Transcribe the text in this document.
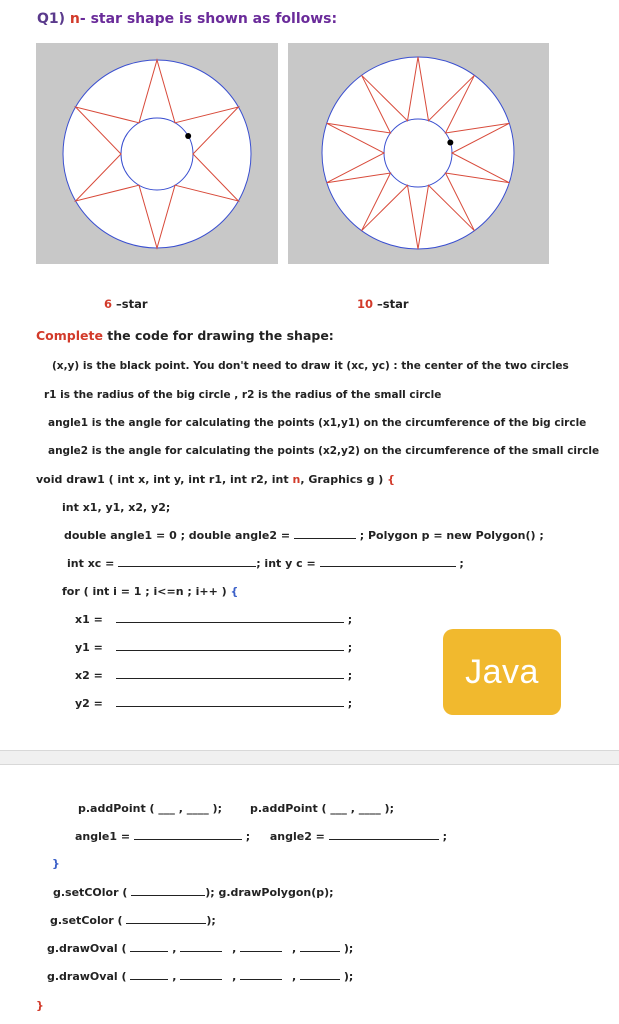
Q1) n- star shape is shown as follows:
6 –star	10 –star
Complete the code for drawing the shape:
(x,y) is the black point. You don't need to draw it (xc, yc) : the center of the two circles
r1 is the radius of the big circle , r2 is the radius of the small circle
angle1 is the angle for calculating the points (x1,y1) on the circumference of the big circle
angle2 is the angle for calculating the points (x2,y2) on the circumference of the small circle
void draw1 ( int x, int y, int r1, int r2, int n, Graphics g ) {
int x1, y1, x2, y2;
double angle1 = 0 ; double angle2 =	; Polygon p = new Polygon() ;
int xc =	; int y c =	;
for ( int i = 1 ; i<=n ; i++ ) {
x1 =	;
y1 =	;
x2 =	;
y2 =	;
Java
p.addPoint ( ___ , ____ );	p.addPoint ( ___ , ____ );
angle1 =	; angle2 =	;
}
g.setCOlor (	); g.drawPolygon(p);
g.setColor (	);
g.drawOval (	,	,	,	);
g.drawOval (	,	,	,	);
}
